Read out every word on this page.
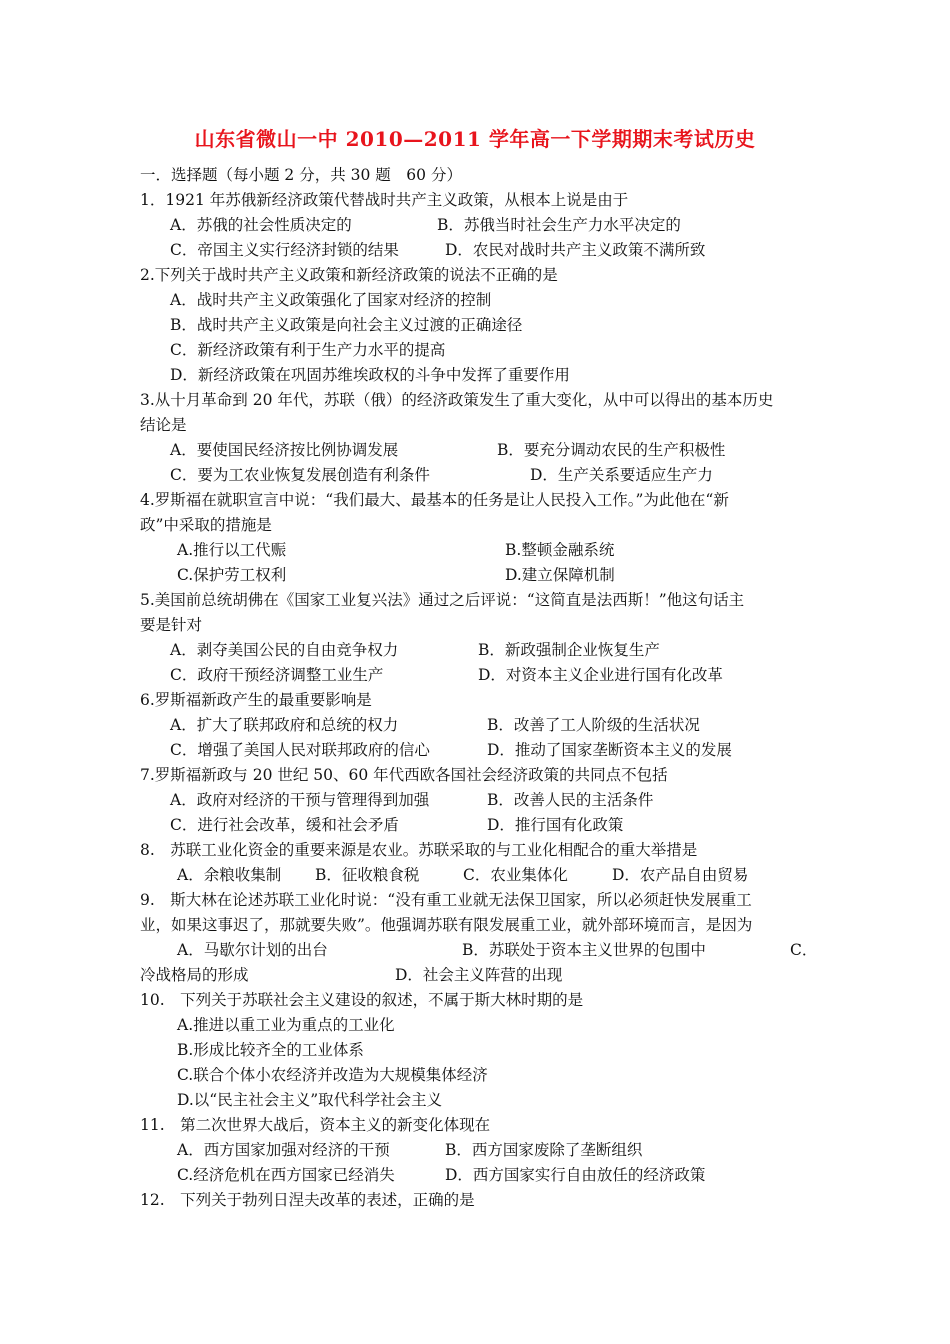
山东省微山一中 2010—2011 学年高一下学期期末考试历史
一．选择题（每小题 2 分，共 30 题　60 分）
1．1921 年苏俄新经济政策代替战时共产主义政策，从根本上说是由于
A．苏俄的社会性质决定的	B．苏俄当时社会生产力水平决定的
C．帝国主义实行经济封锁的结果	D．农民对战时共产主义政策不满所致
2.下列关于战时共产主义政策和新经济政策的说法不正确的是
A．战时共产主义政策强化了国家对经济的控制
B．战时共产主义政策是向社会主义过渡的正确途径
C．新经济政策有利于生产力水平的提高
D．新经济政策在巩固苏维埃政权的斗争中发挥了重要作用
3.从十月革命到 20 年代，苏联（俄）的经济政策发生了重大变化，从中可以得出的基本历史
结论是
A．要使国民经济按比例协调发展	B．要充分调动农民的生产积极性
C．要为工农业恢复发展创造有利条件	D．生产关系要适应生产力
4.罗斯福在就职宣言中说：“我们最大、最基本的任务是让人民投入工作。”为此他在“新
政”中采取的措施是
A.推行以工代赈	B.整顿金融系统
C.保护劳工权利	D.建立保障机制
5.美国前总统胡佛在《国家工业复兴法》通过之后评说：“这简直是法西斯！”他这句话主
要是针对
A．剥夺美国公民的自由竞争权力	B．新政强制企业恢复生产
C．政府干预经济调整工业生产	D．对资本主义企业进行国有化改革
6.罗斯福新政产生的最重要影响是
A．扩大了联邦政府和总统的权力	B．改善了工人阶级的生活状况
C．增强了美国人民对联邦政府的信心	D．推动了国家垄断资本主义的发展
7.罗斯福新政与 20 世纪 50、60 年代西欧各国社会经济政策的共同点不包括
A．政府对经济的干预与管理得到加强	B．改善人民的主活条件
C．进行社会改革，缓和社会矛盾	D．推行国有化政策
8.　苏联工业化资金的重要来源是农业。苏联采取的与工业化相配合的重大举措是
A．余粮收集制 B．征收粮食税	C．农业集体化	D．农产品自由贸易
9.　斯大林在论述苏联工业化时说：“没有重工业就无法保卫国家，所以必须赶快发展重工
业，如果这事迟了，那就要失败”。他强调苏联有限发展重工业，就外部环境而言，是因为
A．马歇尔计划的出台	B．苏联处于资本主义世界的包围中	C．
冷战格局的形成	D．社会主义阵营的出现
10.　下列关于苏联社会主义建设的叙述，不属于斯大林时期的是
A.推进以重工业为重点的工业化
B.形成比较齐全的工业体系
C.联合个体小农经济并改造为大规模集体经济
D.以“民主社会主义”取代科学社会主义
11.　第二次世界大战后，资本主义的新变化体现在
A．西方国家加强对经济的干预	B．西方国家废除了垄断组织
C.经济危机在西方国家已经消失	D．西方国家实行自由放任的经济政策
12.　下列关于勃列日涅夫改革的表述，正确的是
